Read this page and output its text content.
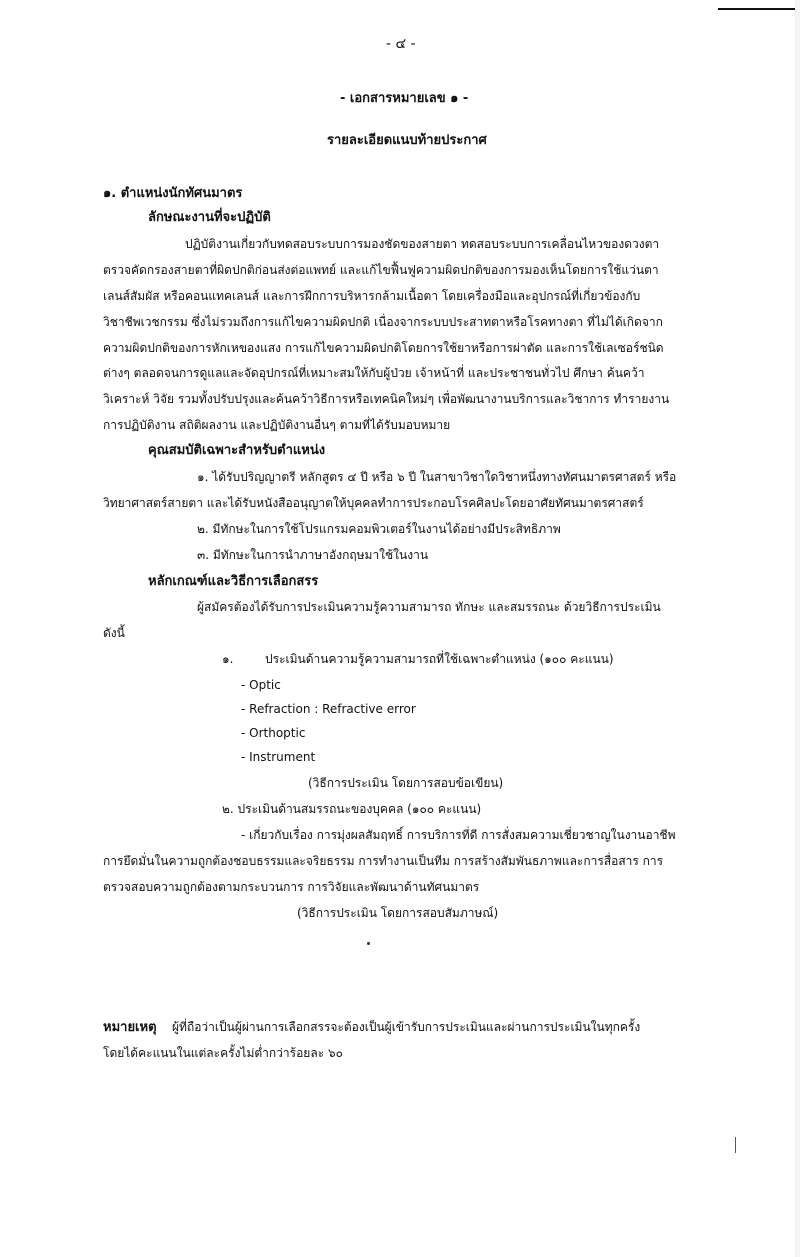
- ๔ -
- เอกสารหมายเลข ๑ -
รายละเอียดแนบท้ายประกาศ
๑. ตำแหน่งนักทัศนมาตร
ลักษณะงานที่จะปฏิบัติ
ปฏิบัติงานเกี่ยวกับทดสอบระบบการมองชัดของสายตา ทดสอบระบบการเคลื่อนไหวของดวงตา
ตรวจคัดกรองสายตาที่ผิดปกติก่อนส่งต่อแพทย์ และแก้ไขฟื้นฟูความผิดปกติของการมองเห็นโดยการใช้แว่นตา
เลนส์สัมผัส หรือคอนแทคเลนส์ และการฝึกการบริหารกล้ามเนื้อตา โดยเครื่องมือและอุปกรณ์ที่เกี่ยวข้องกับ
วิชาชีพเวชกรรม ซึ่งไม่รวมถึงการแก้ไขความผิดปกติ เนื่องจากระบบประสาทตาหรือโรคทางตา ที่ไม่ได้เกิดจาก
ความผิดปกติของการหักเหของแสง การแก้ไขความผิดปกติโดยการใช้ยาหรือการผ่าตัด และการใช้เลเซอร์ชนิด
ต่างๆ ตลอดจนการดูแลและจัดอุปกรณ์ที่เหมาะสมให้กับผู้ป่วย เจ้าหน้าที่ และประชาชนทั่วไป ศึกษา ค้นคว้า
วิเคราะห์ วิจัย รวมทั้งปรับปรุงและค้นคว้าวิธีการหรือเทคนิคใหม่ๆ เพื่อพัฒนางานบริการและวิชาการ ทำรายงาน
การปฏิบัติงาน สถิติผลงาน และปฏิบัติงานอื่นๆ ตามที่ได้รับมอบหมาย
คุณสมบัติเฉพาะสำหรับตำแหน่ง
๑. ได้รับปริญญาตรี หลักสูตร ๔ ปี หรือ ๖ ปี ในสาขาวิชาใดวิชาหนึ่งทางทัศนมาตรศาสตร์ หรือ
วิทยาศาสตร์สายตา และได้รับหนังสืออนุญาตให้บุคคลทำการประกอบโรคศิลปะโดยอาศัยทัศนมาตรศาสตร์
๒. มีทักษะในการใช้โปรแกรมคอมพิวเตอร์ในงานได้อย่างมีประสิทธิภาพ
๓. มีทักษะในการนำภาษาอังกฤษมาใช้ในงาน
หลักเกณฑ์และวิธีการเลือกสรร
ผู้สมัครต้องได้รับการประเมินความรู้ความสามารถ ทักษะ และสมรรถนะ ด้วยวิธีการประเมิน
ดังนี้
๑.	ประเมินด้านความรู้ความสามารถที่ใช้เฉพาะตำแหน่ง (๑๐๐ คะแนน)
- Optic
- Refraction : Refractive error
- Orthoptic
- Instrument
(วิธีการประเมิน โดยการสอบข้อเขียน)
๒. ประเมินด้านสมรรถนะของบุคคล (๑๐๐ คะแนน)
- เกี่ยวกับเรื่อง การมุ่งผลสัมฤทธิ์ การบริการที่ดี การสั่งสมความเชี่ยวชาญในงานอาชีพ
การยึดมั่นในความถูกต้องชอบธรรมและจริยธรรม การทำงานเป็นทีม การสร้างสัมพันธภาพและการสื่อสาร การ
ตรวจสอบความถูกต้องตามกระบวนการ การวิจัยและพัฒนาด้านทัศนมาตร
(วิธีการประเมิน โดยการสอบสัมภาษณ์)
หมายเหตุ ผู้ที่ถือว่าเป็นผู้ผ่านการเลือกสรรจะต้องเป็นผู้เข้ารับการประเมินและผ่านการประเมินในทุกครั้ง
โดยได้คะแนนในแต่ละครั้งไม่ต่ำกว่าร้อยละ ๖๐
